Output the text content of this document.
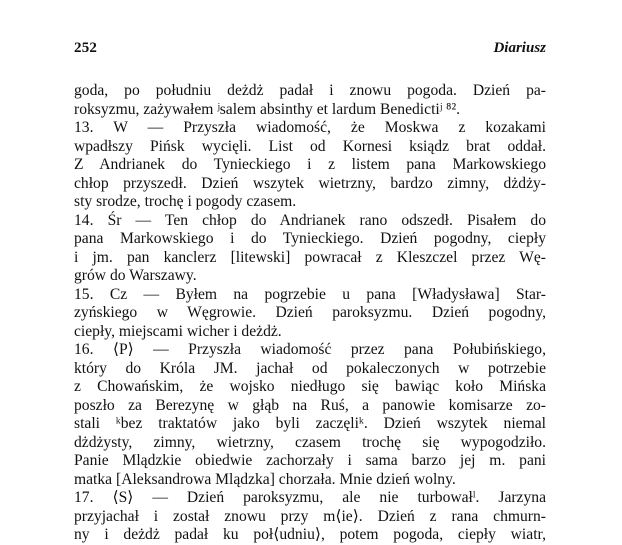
252	Diariusz
goda, po południu deżdż padał i znowu pogoda. Dzień pa-
roksyzmu, zażywałem ʲsalem absinthy et lardum Benedictiʲ ⁸².
13. W — Przyszła wiadomość, że Moskwa z kozakami
wpadłszy Pińsk wycięli. List od Kornesi ksiądz brat oddał.
Z Andrianek do Tynieckiego i z listem pana Markowskiego
chłop przyszedł. Dzień wszytek wietrzny, bardzo zimny, dżdży-
sty srodze, trochę i pogody czasem.
14. Śr — Ten chłop do Andrianek rano odszedł. Pisałem do
pana Markowskiego i do Tynieckiego. Dzień pogodny, ciepły
i jm. pan kanclerz [litewski] powracał z Kleszczel przez Wę-
grów do Warszawy.
15. Cz — Byłem na pogrzebie u pana [Władysława] Star-
zyńskiego w Węgrowie. Dzień paroksyzmu. Dzień pogodny,
ciepły, miejscami wicher i deżdż.
16. ⟨P⟩ — Przyszła wiadomość przez pana Połubińskiego,
który do Króla JM. jachał od pokaleczonych w potrzebie
z Chowańskim, że wojsko niedługo się bawiąc koło Mińska
poszło za Berezynę w głąb na Ruś, a panowie komisarze zo-
stali ᵏbez traktatów jako byli zaczęliᵏ. Dzień wszytek niemal
dżdżysty, zimny, wietrzny, czasem trochę się wypogodziło.
Panie Mlądzkie obiedwie zachorzały i sama barzo jej m. pani
matka [Aleksandrowa Mlądzka] chorzała. Mnie dzień wolny.
17. ⟨S⟩ — Dzień paroksyzmu, ale nie turbowałˡ. Jarzyna
przyjachał i został znowu przy m⟨ie⟩. Dzień z rana chmurn-
ny i deżdż padał ku poł⟨udniu⟩, potem pogoda, ciepły wiatr,
